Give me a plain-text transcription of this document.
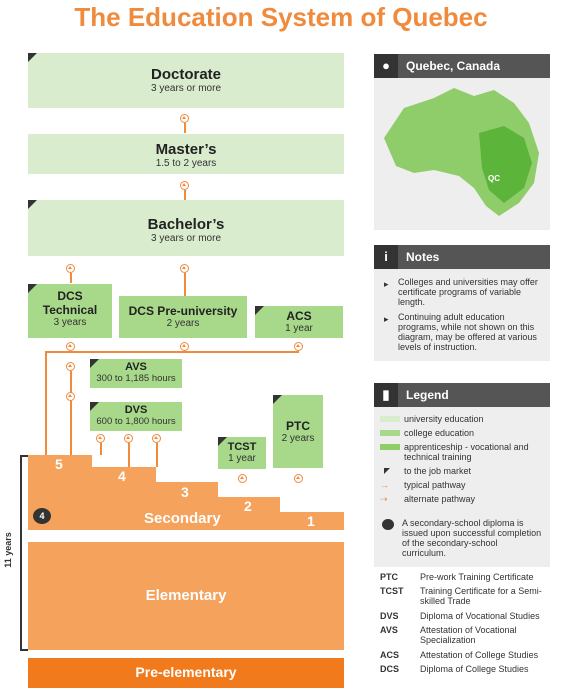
The Education System of Quebec
Doctorate
3 years or more
Master’s
1.5 to 2 years
Bachelor’s
3 years or more
DCS
Technical
3 years
DCS Pre-university
2 years
ACS
1 year
AVS
300 to 1,185 hours
DVS
600 to 1,800 hours
TCST
1 year
PTC
2 years
5
4
3
2
1
Secondary
4
Elementary
Pre-elementary
11 years
●	Quebec, Canada
QC
i	Notes
▸ Colleges and universities may offer certificate programs of variable length.
▸ Continuing adult education programs, while not shown on this diagram, may be offered at various levels of instruction.
▮	Legend
university education
college education
apprenticeship - vocational and technical training
to the job market
→ typical pathway
⇢ alternate pathway
A secondary-school diploma is issued upon successful completion of the secondary-school curriculum.
PTC Pre-work Training Certificate
TCST Training Certificate for a Semi-skilled Trade
DVS Diploma of Vocational Studies
AVS Attestation of Vocational Specialization
ACS Attestation of College Studies
DCS Diploma of College Studies
